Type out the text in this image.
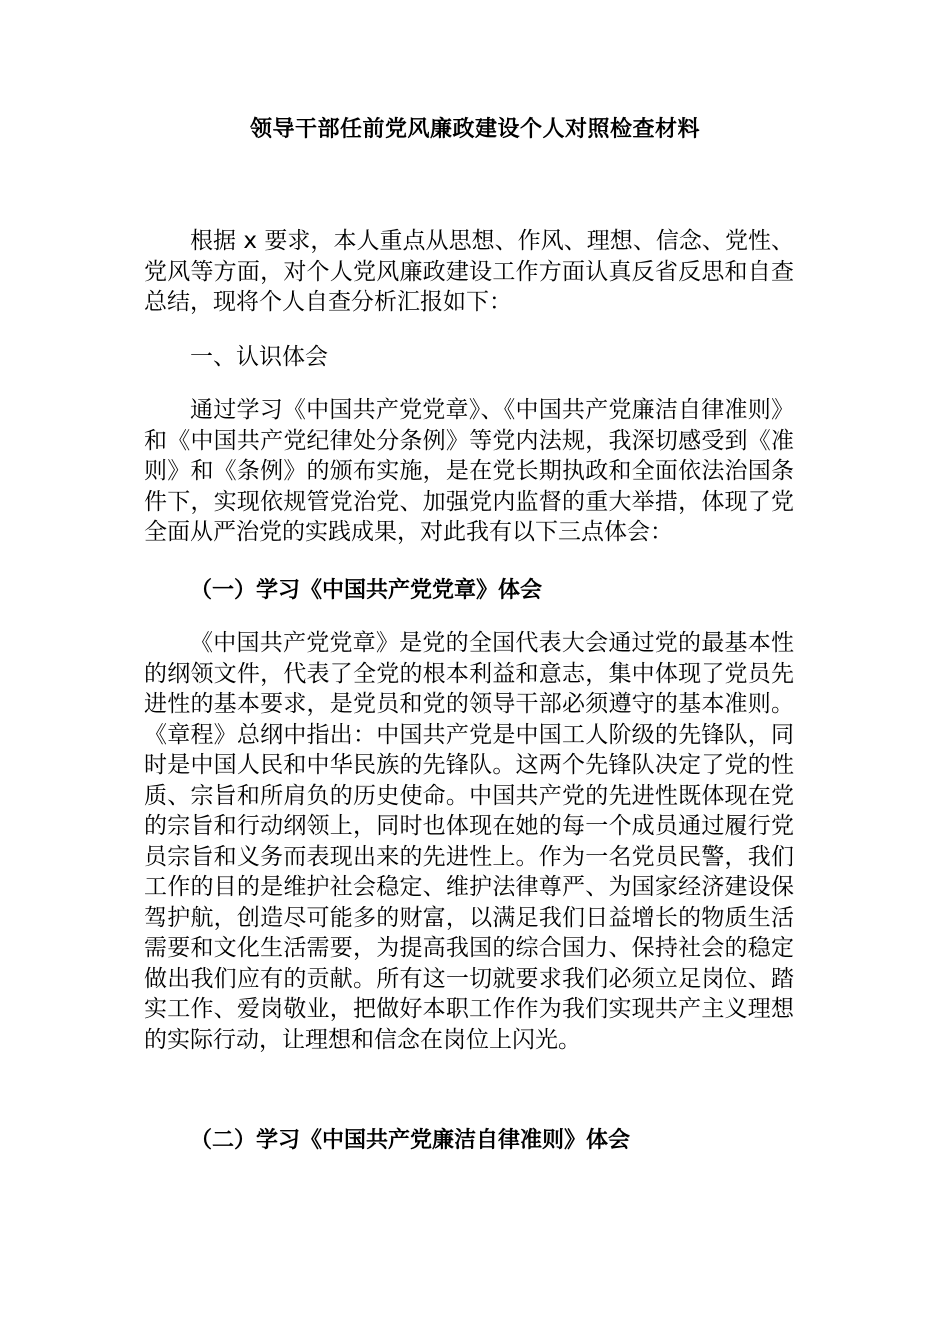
领导干部任前党风廉政建设个人对照检查材料

根据 x 要求，本人重点从思想、作风、理想、信念、党性、党风等方面，对个人党风廉政建设工作方面认真反省反思和自查总结，现将个人自查分析汇报如下：

一、认识体会

通过学习《中国共产党党章》、《中国共产党廉洁自律准则》和《中国共产党纪律处分条例》等党内法规，我深切感受到《准则》和《条例》的颁布实施，是在党长期执政和全面依法治国条件下，实现依规管党治党、加强党内监督的重大举措，体现了党全面从严治党的实践成果，对此我有以下三点体会：

（一）学习《中国共产党党章》体会

《中国共产党党章》是党的全国代表大会通过党的最基本性的纲领文件，代表了全党的根本利益和意志，集中体现了党员先进性的基本要求，是党员和党的领导干部必须遵守的基本准则。《章程》总纲中指出：中国共产党是中国工人阶级的先锋队，同时是中国人民和中华民族的先锋队。这两个先锋队决定了党的性质、宗旨和所肩负的历史使命。中国共产党的先进性既体现在党的宗旨和行动纲领上，同时也体现在她的每一个成员通过履行党员宗旨和义务而表现出来的先进性上。作为一名党员民警，我们工作的目的是维护社会稳定、维护法律尊严、为国家经济建设保驾护航，创造尽可能多的财富，以满足我们日益增长的物质生活需要和文化生活需要，为提高我国的综合国力、保持社会的稳定做出我们应有的贡献。所有这一切就要求我们必须立足岗位、踏实工作、爱岗敬业，把做好本职工作作为我们实现共产主义理想的实际行动，让理想和信念在岗位上闪光。

（二）学习《中国共产党廉洁自律准则》体会
